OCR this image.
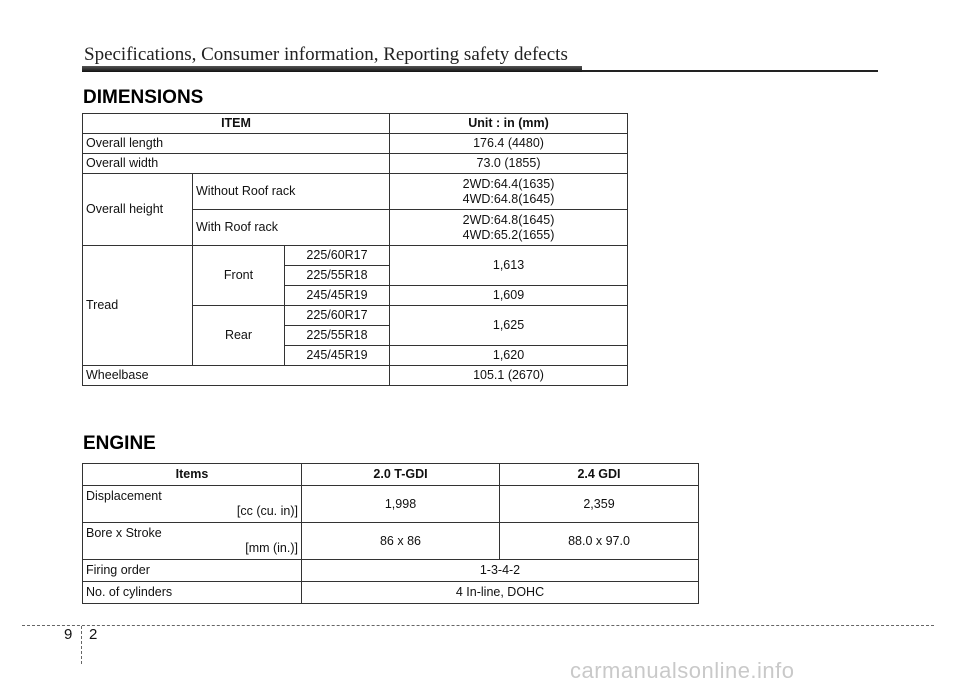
Specifications, Consumer information, Reporting safety defects
DIMENSIONS
ITEM			Unit : in (mm)
Overall length			176.4 (4480)
Overall width			73.0 (1855)
Overall height	Without Roof rack		2WD:64.4(1635)
4WD:64.8(1645)

	With Roof rack		2WD:64.8(1645)
4WD:65.2(1655)

Tread	Front	225/60R17	1,613
		225/55R18	
		245/45R19	1,609
	Rear	225/60R17	1,625
		225/55R18	
		245/45R19	1,620
Wheelbase			105.1 (2670)
ENGINE
Items	2.0 T-GDI	2.4 GDI

Displacement
[cc (cu. in)]	1,998	2,359

Bore x Stroke
[mm (in.)]	86 x 86	88.0 x 97.0
Firing order	1-3-4-2	
No. of cylinders	4 In-line, DOHC	
9 2
carmanualsonline.info
